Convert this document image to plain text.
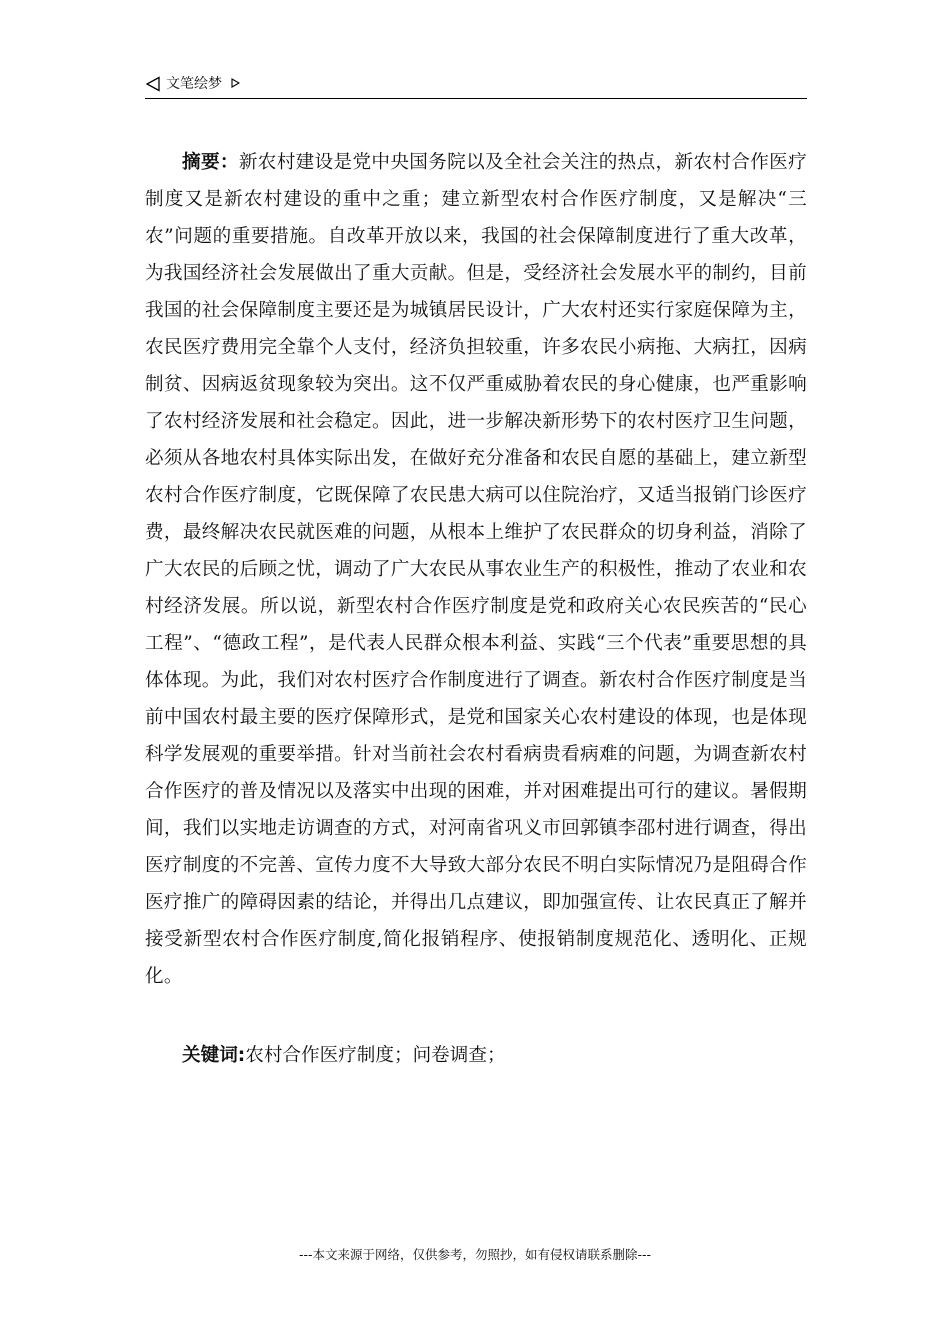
文笔绘梦

摘要：新农村建设是党中央国务院以及全社会关注的热点，新农村合作医疗制度又是新农村建设的重中之重；建立新型农村合作医疗制度，又是解决“三农”问题的重要措施。自改革开放以来，我国的社会保障制度进行了重大改革，为我国经济社会发展做出了重大贡献。但是，受经济社会发展水平的制约，目前我国的社会保障制度主要还是为城镇居民设计，广大农村还实行家庭保障为主，农民医疗费用完全靠个人支付，经济负担较重，许多农民小病拖、大病扛，因病制贫、因病返贫现象较为突出。这不仅严重威胁着农民的身心健康，也严重影响了农村经济发展和社会稳定。因此，进一步解决新形势下的农村医疗卫生问题，必须从各地农村具体实际出发，在做好充分准备和农民自愿的基础上，建立新型农村合作医疗制度，它既保障了农民患大病可以住院治疗，又适当报销门诊医疗费，最终解决农民就医难的问题，从根本上维护了农民群众的切身利益，消除了广大农民的后顾之忧，调动了广大农民从事农业生产的积极性，推动了农业和农村经济发展。所以说，新型农村合作医疗制度是党和政府关心农民疾苦的“民心工程”、“德政工程”，是代表人民群众根本利益、实践“三个代表”重要思想的具体体现。为此，我们对农村医疗合作制度进行了调查。新农村合作医疗制度是当前中国农村最主要的医疗保障形式，是党和国家关心农村建设的体现，也是体现科学发展观的重要举措。针对当前社会农村看病贵看病难的问题，为调查新农村合作医疗的普及情况以及落实中出现的困难，并对困难提出可行的建议。暑假期间，我们以实地走访调查的方式，对河南省巩义市回郭镇李邵村进行调查，得出医疗制度的不完善、宣传力度不大导致大部分农民不明白实际情况乃是阻碍合作医疗推广的障碍因素的结论，并得出几点建议，即加强宣传、让农民真正了解并接受新型农村合作医疗制度,简化报销程序、使报销制度规范化、透明化、正规化。

关键词:农村合作医疗制度；问卷调查；

---本文来源于网络，仅供参考，勿照抄，如有侵权请联系删除---
